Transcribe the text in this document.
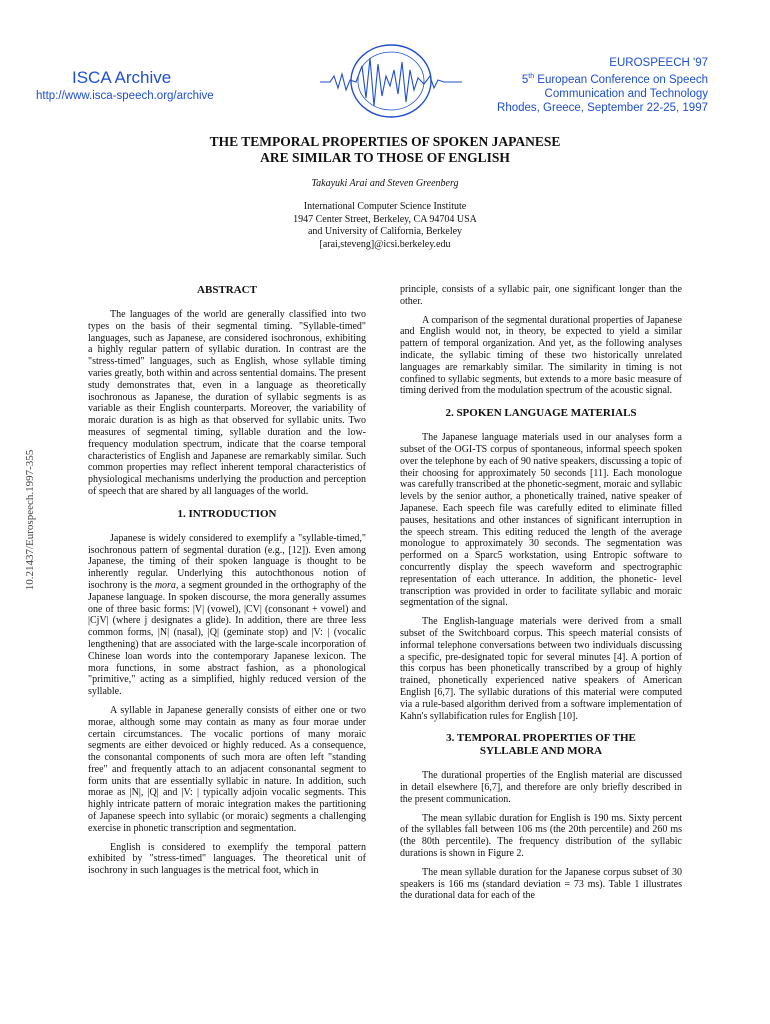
ISCA Archive
http://www.isca-speech.org/archive
EUROSPEECH '97
5th European Conference on Speech
Communication and Technology
Rhodes, Greece, September 22-25, 1997
10.21437/Eurospeech.1997-355
THE TEMPORAL PROPERTIES OF SPOKEN JAPANESE
ARE SIMILAR TO THOSE OF ENGLISH
Takayuki Arai and Steven Greenberg
International Computer Science Institute
1947 Center Street, Berkeley, CA 94704 USA
and University of California, Berkeley
[arai,steveng]@icsi.berkeley.edu
ABSTRACT

The languages of the world are generally classified into two types on the basis of their segmental timing. "Syllable-timed" languages, such as Japanese, are considered isochronous, exhibiting a highly regular pattern of syllabic duration. In contrast are the "stress-timed" languages, such as English, whose syllable timing varies greatly, both within and across sentential domains. The present study demonstrates that, even in a language as theoretically isochronous as Japanese, the duration of syllabic segments is as variable as their English counterparts. Moreover, the variability of moraic duration is as high as that observed for syllabic units. Two measures of segmental timing, syllable duration and the low-frequency modulation spectrum, indicate that the coarse temporal characteristics of English and Japanese are remarkably similar. Such common properties may reflect inherent temporal characteristics of physiological mechanisms underlying the production and perception of speech that are shared by all languages of the world.

1. INTRODUCTION

Japanese is widely considered to exemplify a "syllable-timed," isochronous pattern of segmental duration (e.g., [12]). Even among Japanese, the timing of their spoken language is thought to be inherently regular. Underlying this autochthonous notion of isochrony is the mora, a segment grounded in the orthography of the Japanese language. In spoken discourse, the mora generally assumes one of three basic forms: |V| (vowel), |CV| (consonant + vowel) and |CjV| (where j designates a glide). In addition, there are three less common forms, |N| (nasal), |Q| (geminate stop) and |V: | (vocalic lengthening) that are associated with the large-scale incorporation of Chinese loan words into the contemporary Japanese lexicon. The mora functions, in some abstract fashion, as a phonological "primitive," acting as a simplified, highly reduced version of the syllable.

A syllable in Japanese generally consists of either one or two morae, although some may contain as many as four morae under certain circumstances. The vocalic portions of many moraic segments are either devoiced or highly reduced. As a consequence, the consonantal components of such mora are often left "standing free" and frequently attach to an adjacent consonantal segment to form units that are essentially syllabic in nature. In addition, such morae as |N|, |Q| and |V: | typically adjoin vocalic segments. This highly intricate pattern of moraic integration makes the partitioning of Japanese speech into syllabic (or moraic) segments a challenging exercise in phonetic transcription and segmentation.

English is considered to exemplify the temporal pattern exhibited by "stress-timed" languages. The theoretical unit of isochrony in such languages is the metrical foot, which in

principle, consists of a syllabic pair, one significant longer than the other.

A comparison of the segmental durational properties of Japanese and English would not, in theory, be expected to yield a similar pattern of temporal organization. And yet, as the following analyses indicate, the syllabic timing of these two historically unrelated languages are remarkably similar. The similarity in timing is not confined to syllabic segments, but extends to a more basic measure of timing derived from the modulation spectrum of the acoustic signal.

2. SPOKEN LANGUAGE MATERIALS

The Japanese language materials used in our analyses form a subset of the OGI-TS corpus of spontaneous, informal speech spoken over the telephone by each of 90 native speakers, discussing a topic of their choosing for approximately 50 seconds [11]. Each monologue was carefully transcribed at the phonetic-segment, moraic and syllabic levels by the senior author, a phonetically trained, native speaker of Japanese. Each speech file was carefully edited to eliminate filled pauses, hesitations and other instances of significant interruption in the speech stream. This editing reduced the length of the average monologue to approximately 30 seconds. The segmentation was performed on a Sparc5 workstation, using Entropic software to concurrently display the speech waveform and spectrographic representation of each utterance. In addition, the phonetic- level transcription was provided in order to facilitate syllabic and moraic segmentation of the signal.

The English-language materials were derived from a small subset of the Switchboard corpus. This speech material consists of informal telephone conversations between two individuals discussing a specific, pre-designated topic for several minutes [4]. A portion of this corpus has been phonetically transcribed by a group of highly trained, phonetically experienced native speakers of American English [6,7]. The syllabic durations of this material were computed via a rule-based algorithm derived from a software implementation of Kahn's syllabification rules for English [10].

3. TEMPORAL PROPERTIES OF THE
SYLLABLE AND MORA

The durational properties of the English material are discussed in detail elsewhere [6,7], and therefore are only briefly described in the present communication.

The mean syllabic duration for English is 190 ms. Sixty percent of the syllables fall between 106 ms (the 20th percentile) and 260 ms (the 80th percentile). The frequency distribution of the syllabic durations is shown in Figure 2.

The mean syllable duration for the Japanese corpus subset of 30 speakers is 166 ms (standard deviation = 73 ms). Table 1 illustrates the durational data for each of the
